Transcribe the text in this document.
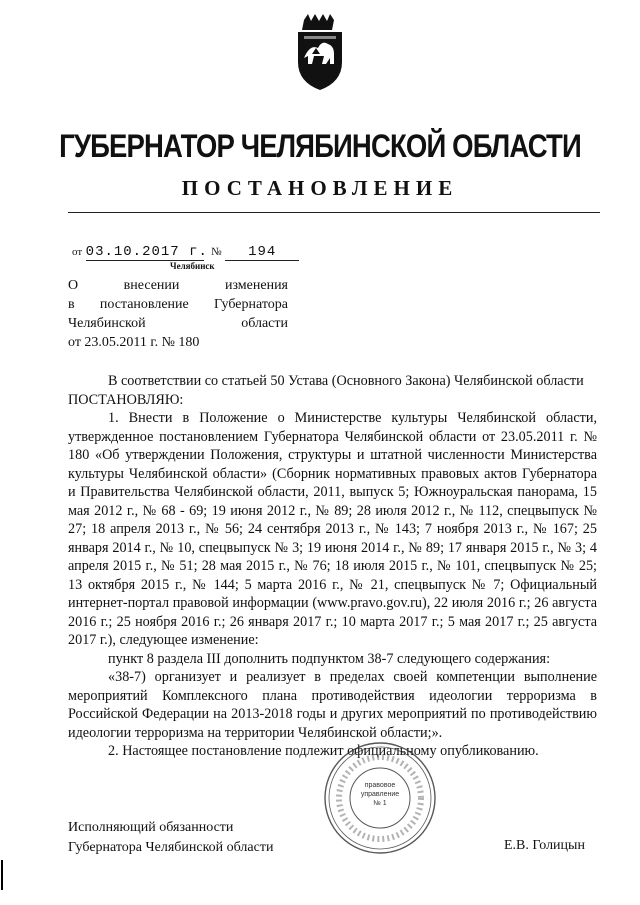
ГУБЕРНАТОР ЧЕЛЯБИНСКОЙ ОБЛАСТИ
ПОСТАНОВЛЕНИЕ
от 03.10.2017 г. № 194
Челябинск
О	внесении	изменения
в постановление Губернатора
Челябинской	области
от 23.05.2011 г. № 180

В соответствии со статьей 50 Устава (Основного Закона) Челябинской области

ПОСТАНОВЛЯЮ:

1. Внести в Положение о Министерстве культуры Челябинской области, утвержденное постановлением Губернатора Челябинской области от 23.05.2011 г. № 180 «Об утверждении Положения, структуры и штатной численности Министерства культуры Челябинской области» (Сборник нормативных правовых актов Губернатора и Правительства Челябинской области, 2011, выпуск 5; Южноуральская панорама, 15 мая 2012 г., № 68 - 69; 19 июня 2012 г., № 89; 28 июля 2012 г., № 112, спецвыпуск № 27; 18 апреля 2013 г., № 56; 24 сентября 2013 г., № 143; 7 ноября 2013 г., № 167; 25 января 2014 г., № 10, спецвыпуск № 3; 19 июня 2014 г., № 89; 17 января 2015 г., № 3; 4 апреля 2015 г., № 51; 28 мая 2015 г., № 76; 18 июля 2015 г., № 101, спецвыпуск № 25; 13 октября 2015 г., № 144; 5 марта 2016 г., № 21, спецвыпуск № 7; Официальный интернет-портал правовой информации (www.pravo.gov.ru), 22 июля 2016 г.; 26 августа 2016 г.; 25 ноября 2016 г.; 26 января 2017 г.; 10 марта 2017 г.; 5 мая 2017 г.; 25 августа 2017 г.), следующее изменение:

пункт 8 раздела III дополнить подпунктом 38-7 следующего содержания:

«38-7) организует и реализует в пределах своей компетенции выполнение мероприятий Комплексного плана противодействия идеологии терроризма в Российской Федерации на 2013-2018 годы и других мероприятий по противодействию идеологии терроризма на территории Челябинской области;».

2. Настоящее постановление подлежит официальному опубликованию.

правовое
управление
№ 1
Исполняющий обязанности
Губернатора Челябинской области	Е.В. Голицын
